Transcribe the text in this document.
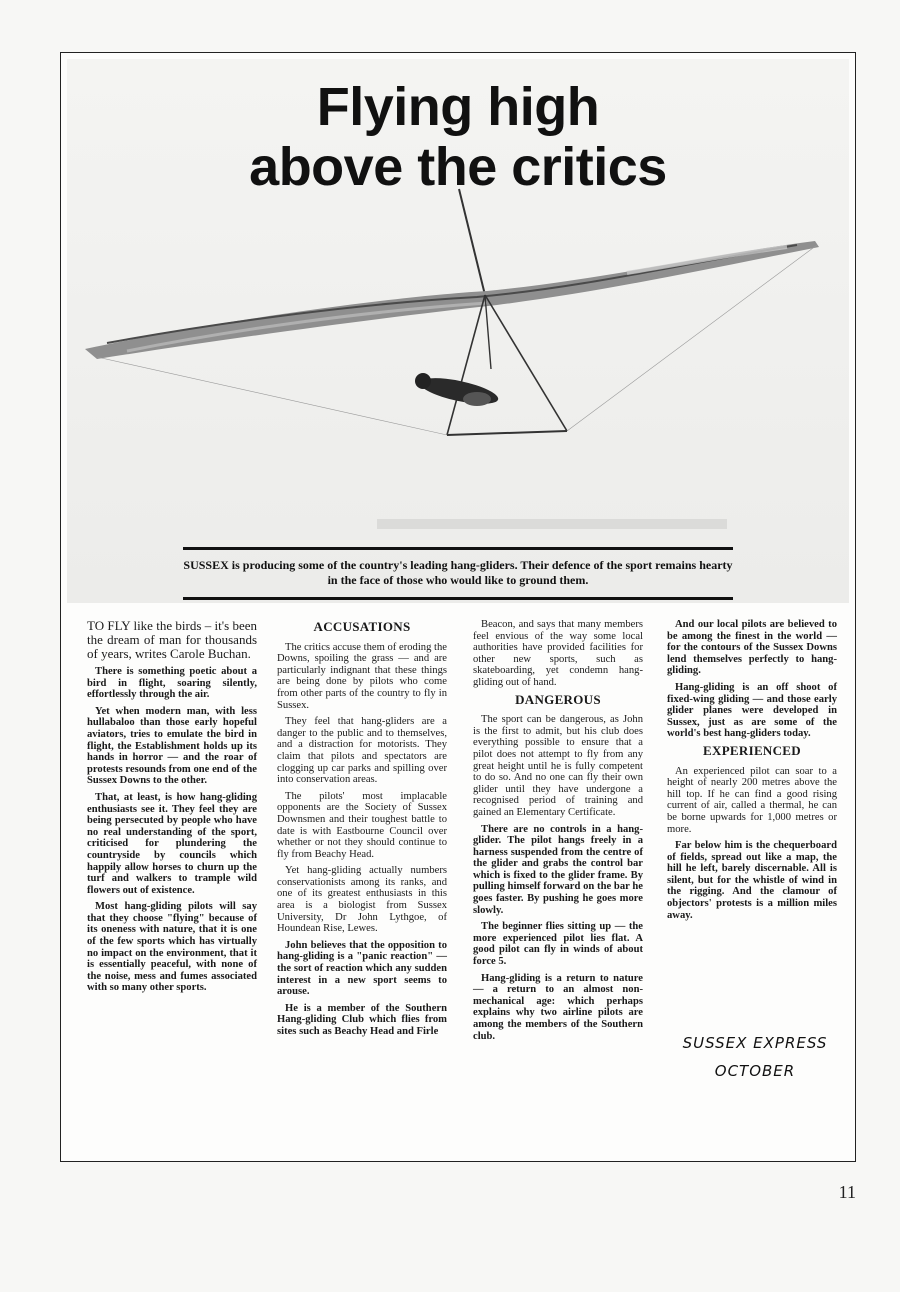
Flying high
above the critics
SUSSEX is producing some of the country's leading hang-gliders. Their defence of the sport remains hearty in the face of those who would like to ground them.

TO FLY like the birds – it's been the dream of man for thousands of years, writes Carole Buchan.

There is something poetic about a bird in flight, soaring silently, effortlessly through the air.

Yet when modern man, with less hullabaloo than those early hopeful aviators, tries to emulate the bird in flight, the Establishment holds up its hands in horror — and the roar of protests resounds from one end of the Sussex Downs to the other.

That, at least, is how hang-gliding enthusiasts see it. They feel they are being persecuted by people who have no real understanding of the sport, criticised for plundering the countryside by councils which happily allow horses to churn up the turf and walkers to trample wild flowers out of existence.

Most hang-gliding pilots will say that they choose "flying" because of its oneness with nature, that it is one of the few sports which has virtually no impact on the environment, that it is essentially peaceful, with none of the noise, mess and fumes associated with so many other sports.

ACCUSATIONS

The critics accuse them of eroding the Downs, spoiling the grass — and are particularly indignant that these things are being done by pilots who come from other parts of the country to fly in Sussex.

They feel that hang-gliders are a danger to the public and to themselves, and a distraction for motorists. They claim that pilots and spectators are clogging up car parks and spilling over into conservation areas.

The pilots' most implacable opponents are the Society of Sussex Downsmen and their toughest battle to date is with Eastbourne Council over whether or not they should continue to fly from Beachy Head.

Yet hang-gliding actually numbers conservationists among its ranks, and one of its greatest enthusiasts in this area is a biologist from Sussex University, Dr John Lythgoe, of Houndean Rise, Lewes.

John believes that the opposition to hang-gliding is a "panic reaction" — the sort of reaction which any sudden interest in a new sport seems to arouse.

He is a member of the Southern Hang-gliding Club which flies from sites such as Beachy Head and Firle

Beacon, and says that many members feel envious of the way some local authorities have provided facilities for other new sports, such as skateboarding, yet condemn hang-gliding out of hand.

DANGEROUS

The sport can be dangerous, as John is the first to admit, but his club does everything possible to ensure that a pilot does not attempt to fly from any great height until he is fully competent to do so. And no one can fly their own glider until they have undergone a recognised period of training and gained an Elementary Certificate.

There are no controls in a hang-glider. The pilot hangs freely in a harness suspended from the centre of the glider and grabs the control bar which is fixed to the glider frame. By pulling himself forward on the bar he goes faster. By pushing he goes more slowly.

The beginner flies sitting up — the more experienced pilot lies flat. A good pilot can fly in winds of about force 5.

Hang-gliding is a return to nature — a return to an almost non-mechanical age: which perhaps explains why two airline pilots are among the members of the Southern club.

And our local pilots are believed to be among the finest in the world — for the contours of the Sussex Downs lend themselves perfectly to hang-gliding.

Hang-gliding is an off shoot of fixed-wing gliding — and those early glider planes were developed in Sussex, just as are some of the world's best hang-gliders today.

EXPERIENCED

An experienced pilot can soar to a height of nearly 200 metres above the hill top. If he can find a good rising current of air, called a thermal, he can be borne upwards for 1,000 metres or more.

Far below him is the chequerboard of fields, spread out like a map, the hill he left, barely discernable. All is silent, but for the whistle of wind in the rigging. And the clamour of objectors' protests is a million miles away.

SUSSEX EXPRESS
OCTOBER
11
